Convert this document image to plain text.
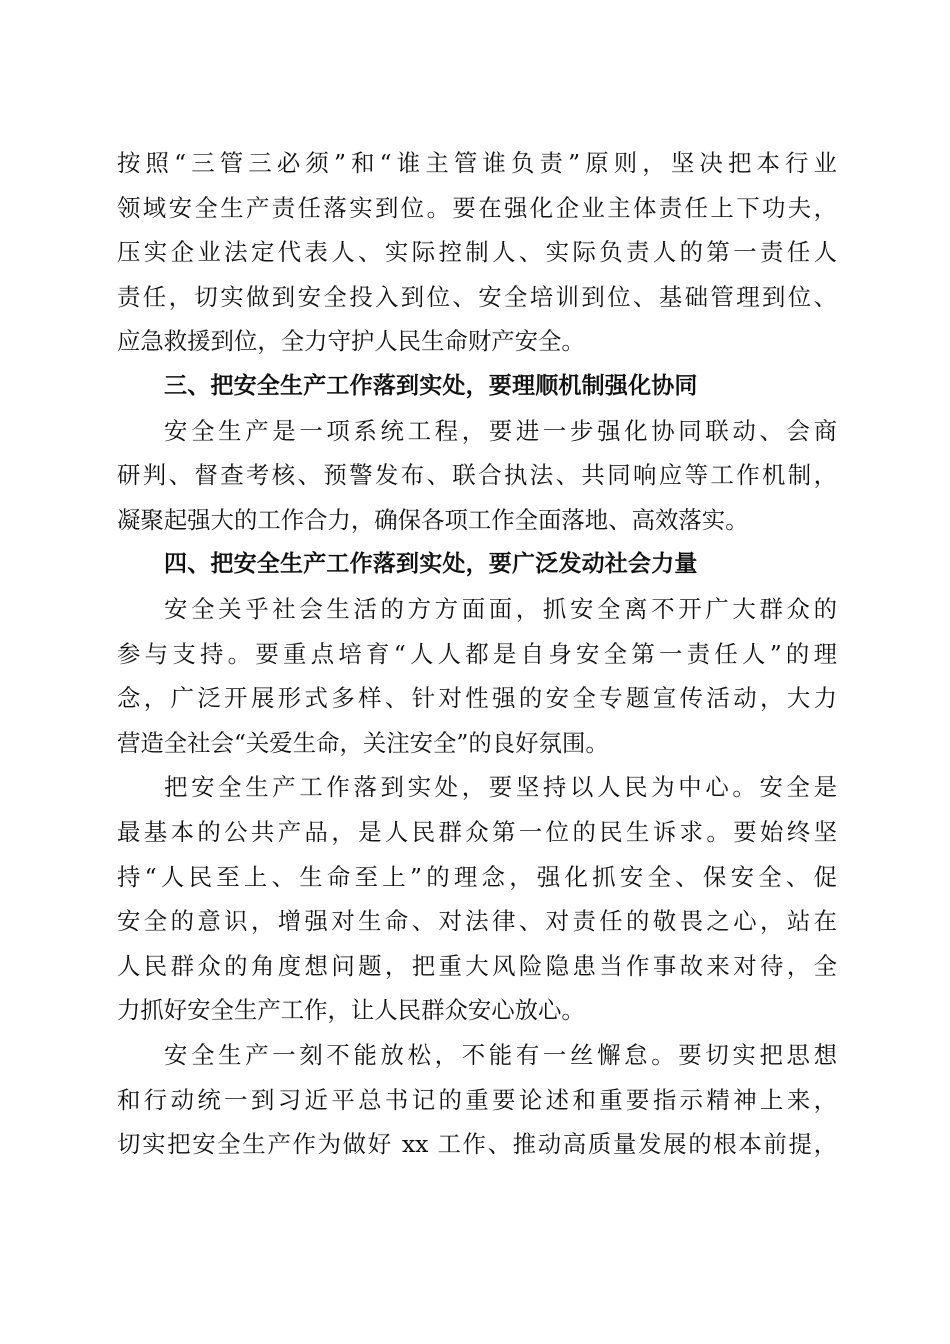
按照“三管三必须”和“谁主管谁负责”原则，坚决把本行业
领域安全生产责任落实到位。要在强化企业主体责任上下功夫，
压实企业法定代表人、实际控制人、实际负责人的第一责任人
责任，切实做到安全投入到位、安全培训到位、基础管理到位、
应急救援到位，全力守护人民生命财产安全。
三、把安全生产工作落到实处，要理顺机制强化协同
安全生产是一项系统工程，要进一步强化协同联动、会商
研判、督查考核、预警发布、联合执法、共同响应等工作机制，
凝聚起强大的工作合力，确保各项工作全面落地、高效落实。
四、把安全生产工作落到实处，要广泛发动社会力量
安全关乎社会生活的方方面面，抓安全离不开广大群众的
参与支持。要重点培育“人人都是自身安全第一责任人”的理
念，广泛开展形式多样、针对性强的安全专题宣传活动，大力
营造全社会“关爱生命，关注安全”的良好氛围。
把安全生产工作落到实处，要坚持以人民为中心。安全是
最基本的公共产品，是人民群众第一位的民生诉求。要始终坚
持“人民至上、生命至上”的理念，强化抓安全、保安全、促
安全的意识，增强对生命、对法律、对责任的敬畏之心，站在
人民群众的角度想问题，把重大风险隐患当作事故来对待，全
力抓好安全生产工作，让人民群众安心放心。
安全生产一刻不能放松，不能有一丝懈怠。要切实把思想
和行动统一到习近平总书记的重要论述和重要指示精神上来，
切实把安全生产作为做好 xx 工作、推动高质量发展的根本前提，
